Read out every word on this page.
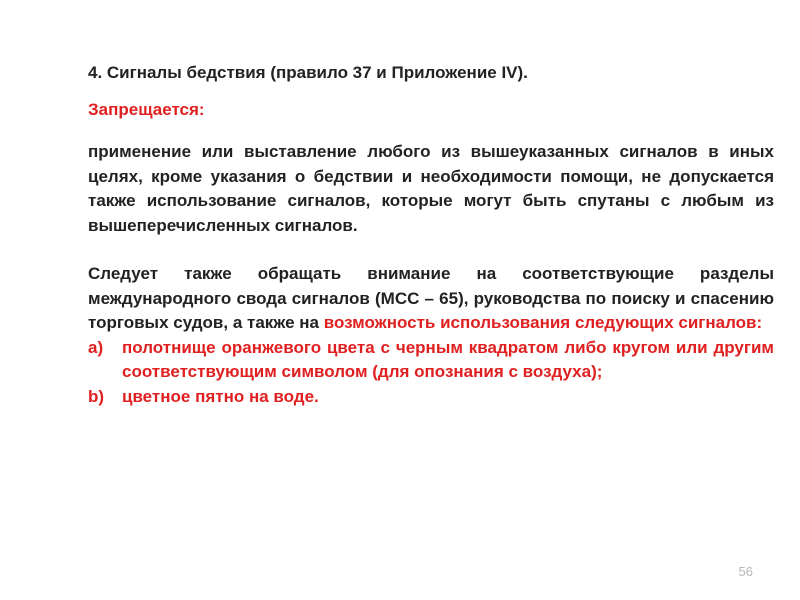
4. Сигналы бедствия (правило 37 и Приложение IV).

Запрещается:

применение или выставление любого из вышеуказанных сигналов в иных целях, кроме указания о бедствии и необходимости помощи, не допускается также использование сигналов, которые могут быть спутаны с любым из вышеперечисленных сигналов.

Следует также обращать внимание на соответствующие разделы международного свода сигналов (МСС – 65), руководства по поиску и спасению торговых судов, а также на возможность использования следующих сигналов:

a)	полотнище оранжевого цвета с черным квадратом либо кругом или другим соответствующим символом (для опознания с воздуха);
b)	цветное пятно на воде.
56
